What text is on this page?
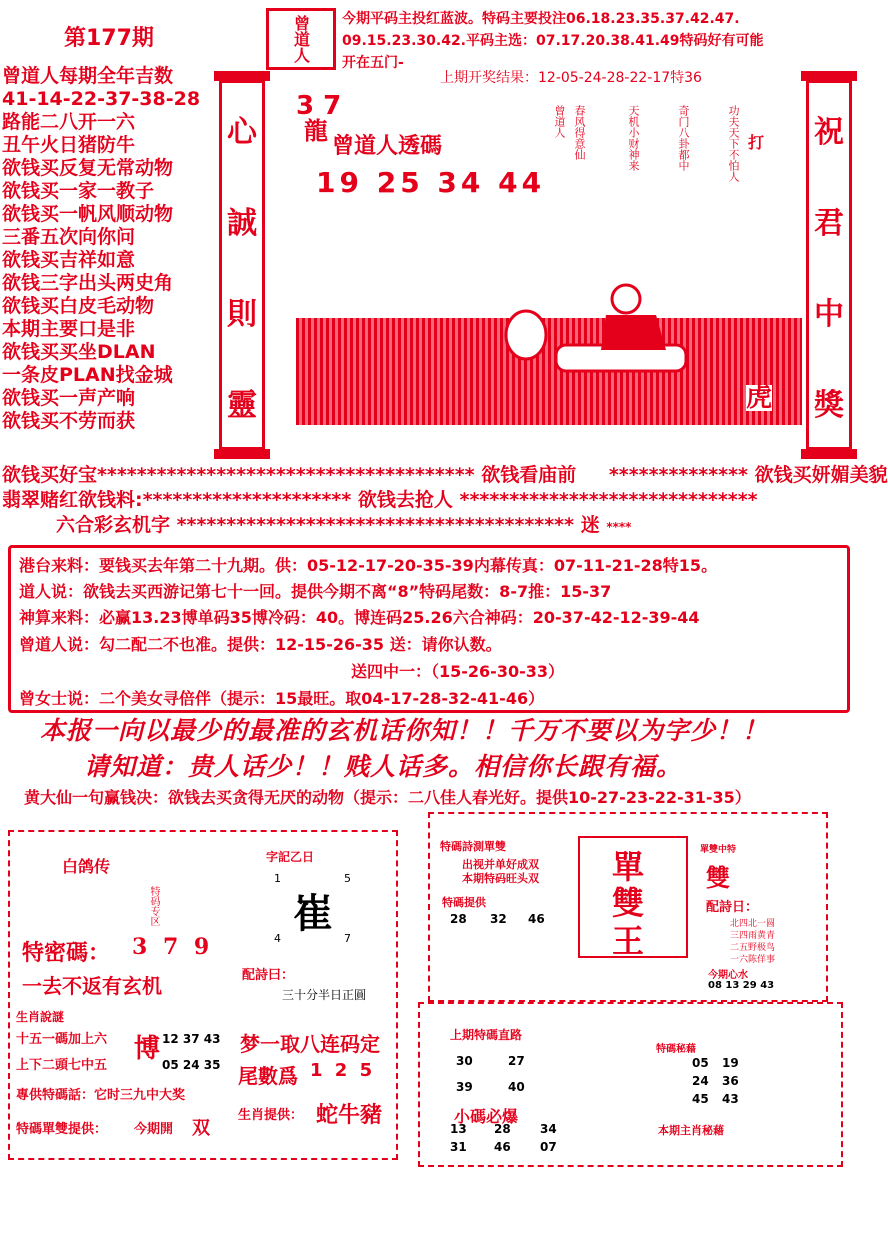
第177期	曾道人 今期平码主投红蓝波。特码主要投注06.18.23.35.37.42.47.
09.15.23.30.42.平码主选：07.17.20.38.41.49特码好有可能
开在五门-
上期开奖结果：12-05-24-28-22-17特36
曾道人每期全年吉数
41-14-22-37-38-28
路能二八开一六
丑午火日猪防牛
欲钱买反复无常动物
欲钱买一家一教子
欲钱买一帆风顺动物
三番五次向你问
欲钱买吉祥如意
欲钱三字出头两史角
欲钱买白皮毛动物
本期主要口是非
欲钱买买坐DLAN
一条皮PLAN找金城
欲钱买一声产响
欲钱买不劳而获
心
誠
則
靈
祝
君
中
獎
3 7
龍
曾道人透碼
19 25 34 44
曾道人 春风得意仙	天机小财神来	奇门八卦都中	功夫天下不怕人 打
虎
欲钱买好宝************************************** 欲钱看庙前 ************** 欲钱买妍媚美貌
翡翠赌红欲钱料:********************* 欲钱去抢人 ******************************
六合彩玄机字 **************************************** 迷 ****
港台来料：要钱买去年第二十九期。供：05-12-17-20-35-39内幕传真：07-11-21-28特15。
道人说：欲钱去买西游记第七十一回。提供今期不离“8”特码尾数：8-7推：15-37
神算来料：必赢13.23博单码35博冷码：40。博连码25.26六合神码：20-37-42-12-39-44
曾道人说：勾二配二不也准。提供：12-15-26-35 送：请你认数。
送四中一：（15-26-30-33）
曾女士说：二个美女寻倍伴（提示：15最旺。取04-17-28-32-41-46）
本报一向以最少的最准的玄机话你知！！千万不要以为字少！！
请知道：贵人话少！！贱人话多。相信你长跟有福。
黄大仙一句赢钱决：欲钱去买贪得无厌的动物（提示：二八佳人春光好。提供10-27-23-22-31-35）
白鸽传
特码专区
字記乙日
崔
1	5
4	7
特密碼： 3 7 9
一去不返有玄机	配詩曰：
三十分半日正圓
生肖說謎
十五一碼加上六
上下二頭七中五
博 12 37 43
05 24 35
梦一取八连码定
尾數爲 1 2 5
專供特碼話：它时三九中大奖
特碼單雙提供： 今期開 双
生肖提供： 蛇牛豬
特碼詩測單雙
出视并单好成双
本期特码旺头双
特碼提供
28 32 46
單
雙
王
單雙中特
雙
配詩日：
北四北一圆
三四雨黄青
二五野极鸟
一六陈佯事
今期心水
08 13 29 43
上期特碼直路
30	27
39	40
小碼必爆
13 28 34
31 46 07
特碼秘藉
05 19
24 36
45 43
本期主肖秘藉
